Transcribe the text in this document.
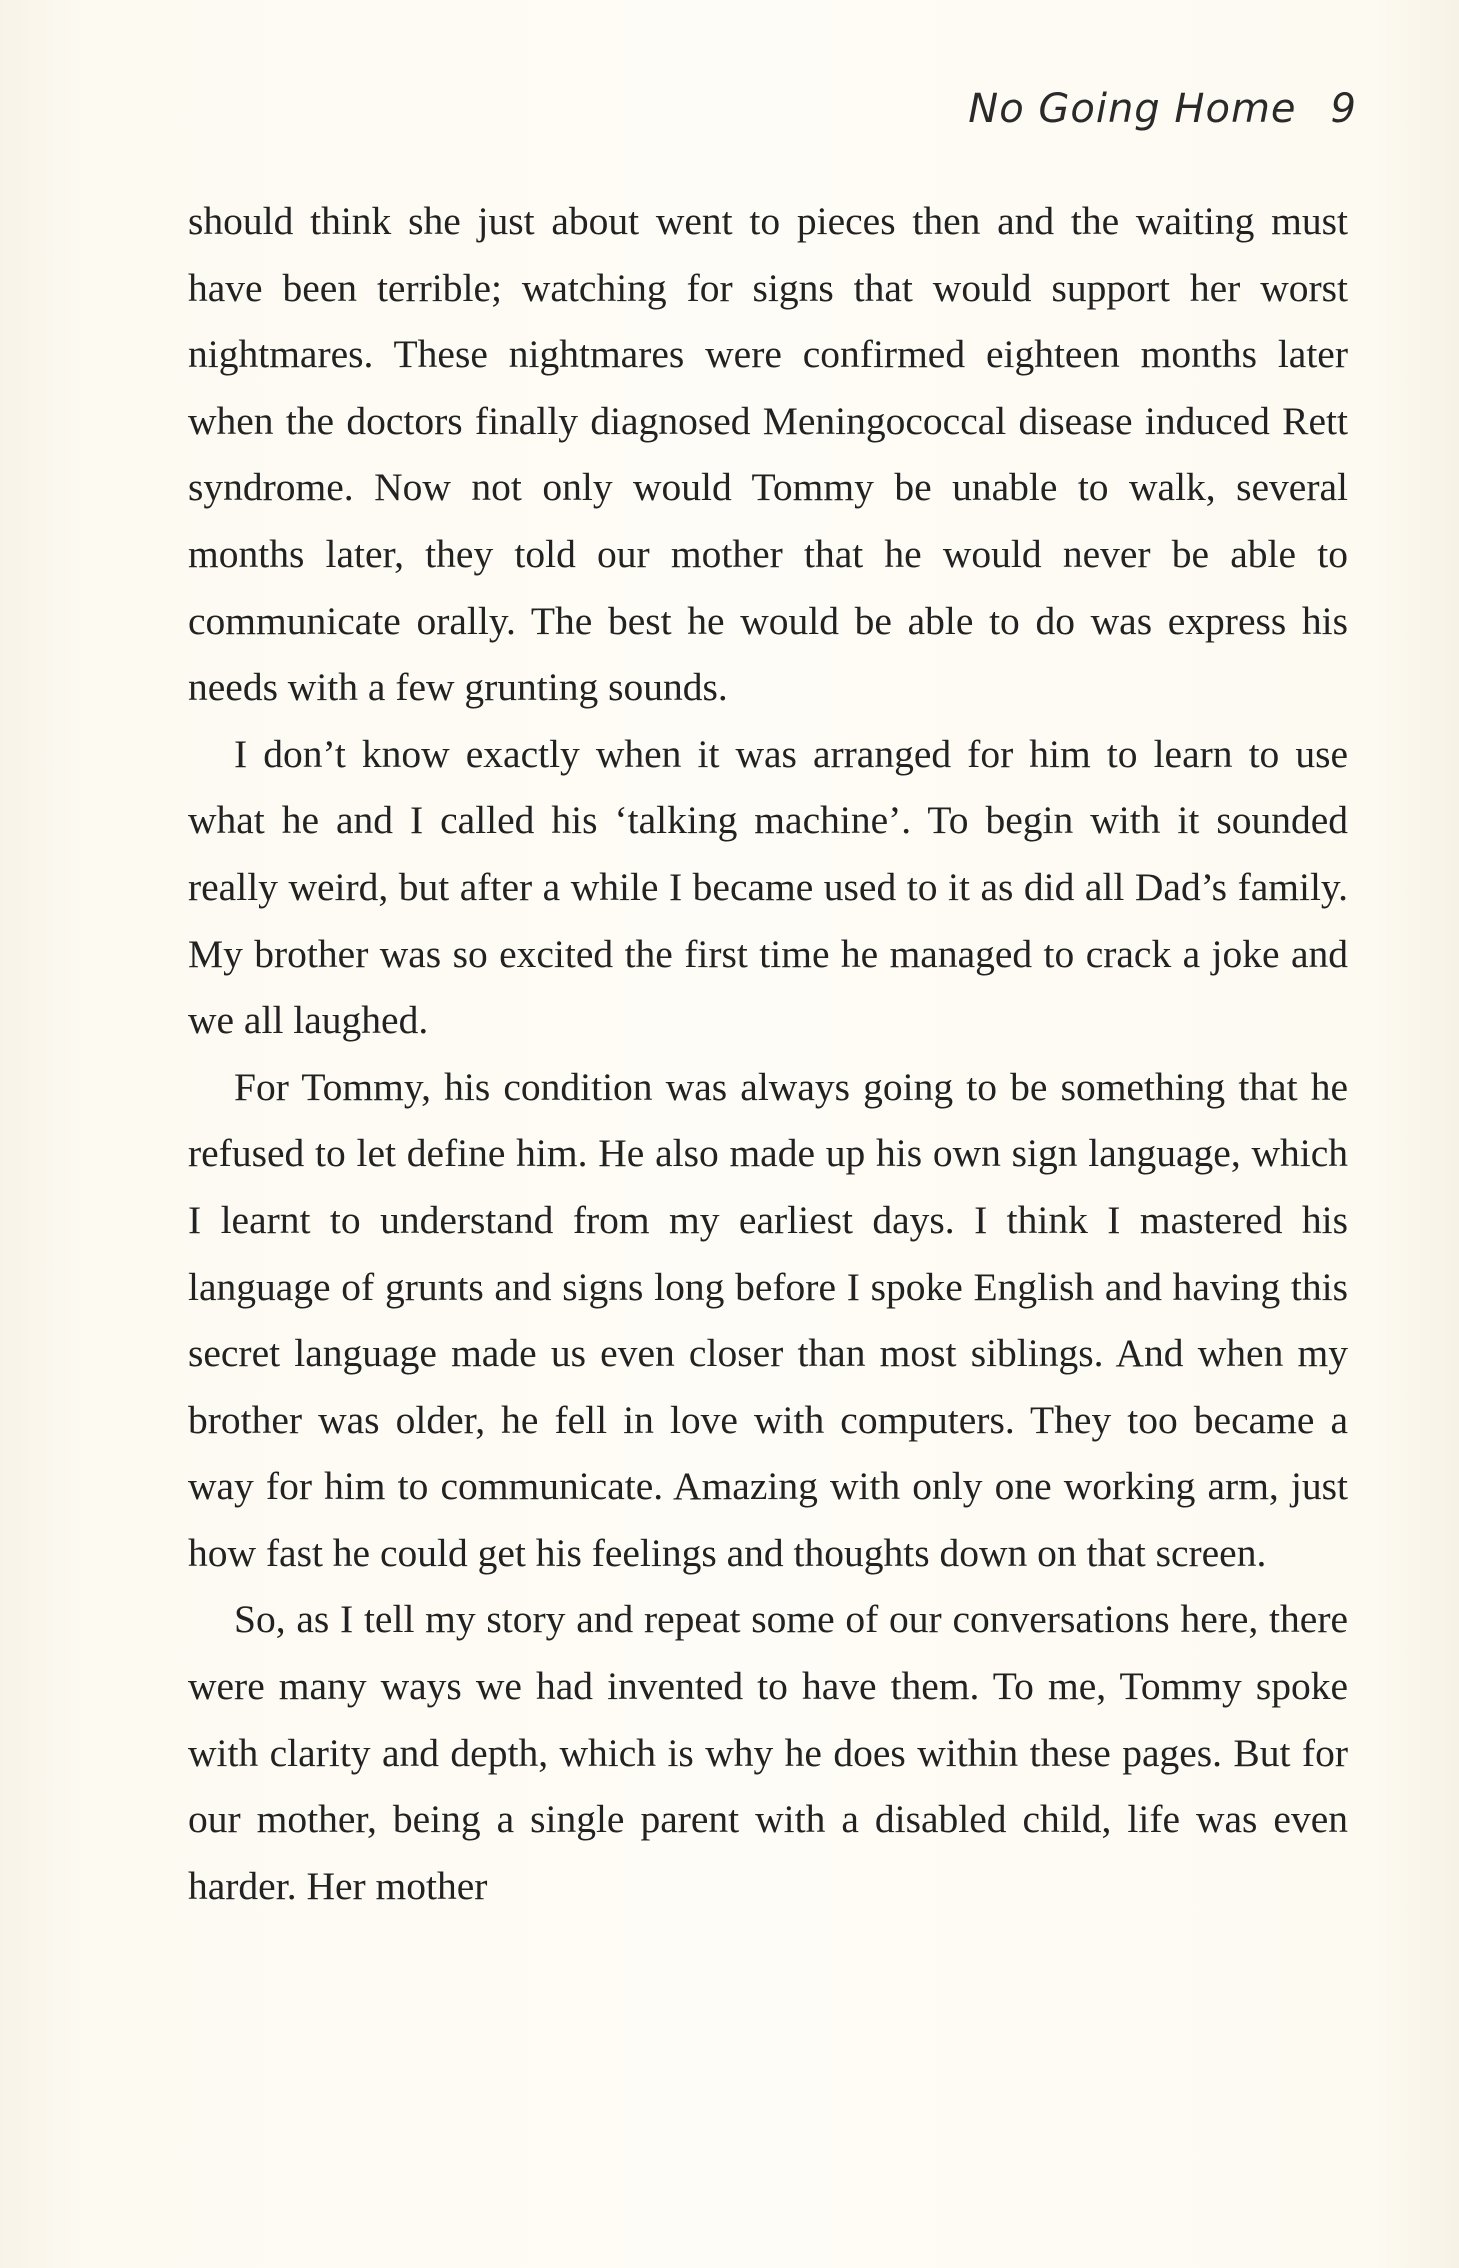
No Going Home 9

should think she just about went to pieces then and the waiting must have been terrible; watching for signs that would support her worst nightmares. These nightmares were confirmed eighteen months later when the doctors finally diagnosed Meningococcal disease induced Rett syndrome. Now not only would Tommy be unable to walk, several months later, they told our mother that he would never be able to communicate orally. The best he would be able to do was express his needs with a few grunting sounds.

I don’t know exactly when it was arranged for him to learn to use what he and I called his ‘talking machine’. To begin with it sounded really weird, but after a while I became used to it as did all Dad’s family. My brother was so excited the first time he managed to crack a joke and we all laughed.

For Tommy, his condition was always going to be something that he refused to let define him. He also made up his own sign language, which I learnt to understand from my earliest days. I think I mastered his language of grunts and signs long before I spoke English and having this secret language made us even closer than most siblings. And when my brother was older, he fell in love with computers. They too became a way for him to communicate. Amazing with only one working arm, just how fast he could get his feelings and thoughts down on that screen.

So, as I tell my story and repeat some of our conversations here, there were many ways we had invented to have them. To me, Tommy spoke with clarity and depth, which is why he does within these pages. But for our mother, being a single parent with a disabled child, life was even harder. Her mother
